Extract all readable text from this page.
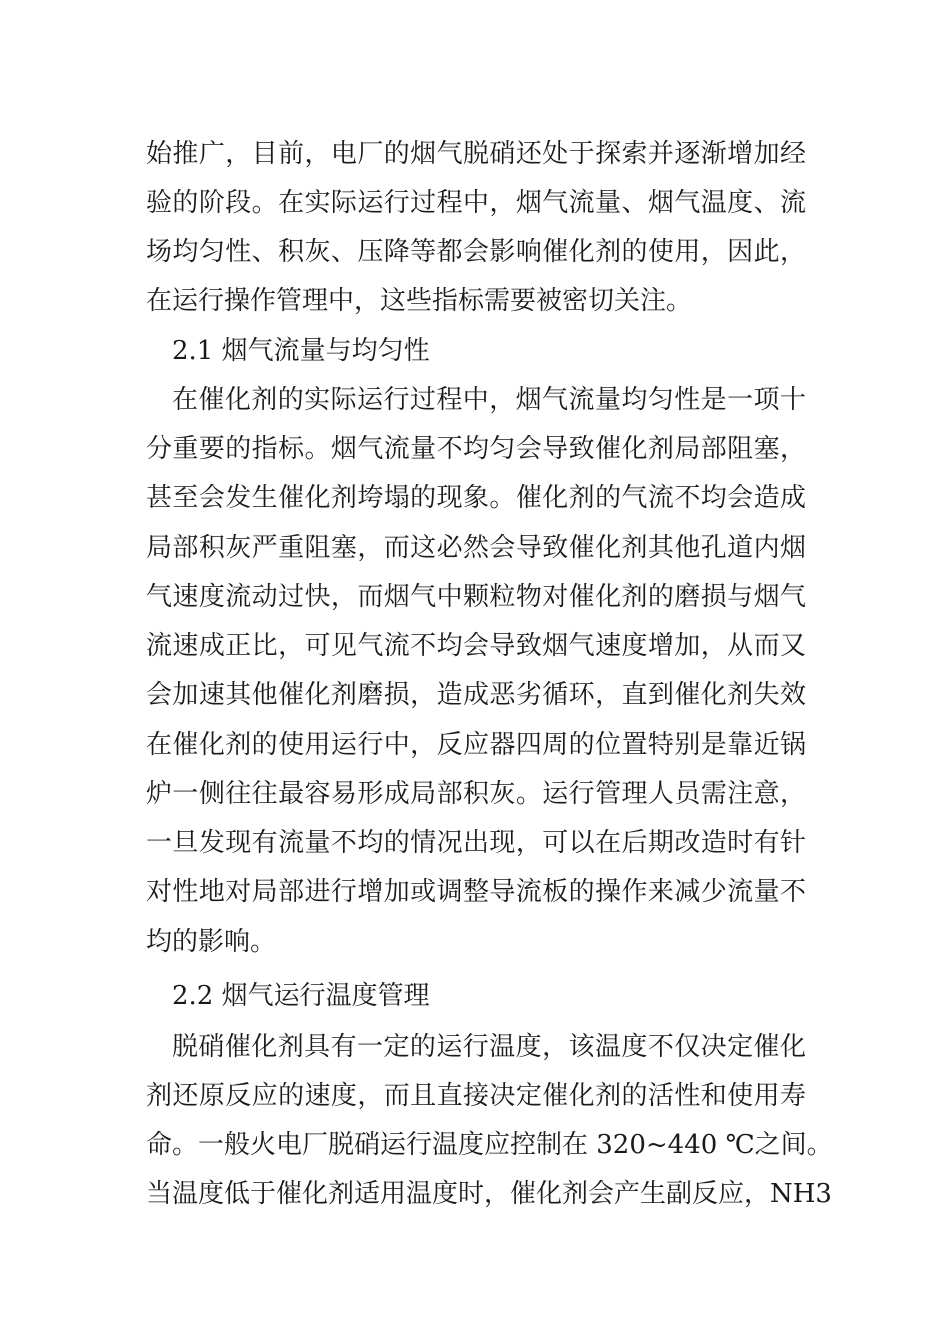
始推广，目前，电厂的烟气脱硝还处于探索并逐渐增加经
验的阶段。在实际运行过程中，烟气流量、烟气温度、流
场均匀性、积灰、压降等都会影响催化剂的使用，因此，
在运行操作管理中，这些指标需要被密切关注。
2.1 烟气流量与均匀性
在催化剂的实际运行过程中，烟气流量均匀性是一项十
分重要的指标。烟气流量不均匀会导致催化剂局部阻塞，
甚至会发生催化剂垮塌的现象。催化剂的气流不均会造成
局部积灰严重阻塞，而这必然会导致催化剂其他孔道内烟
气速度流动过快，而烟气中颗粒物对催化剂的磨损与烟气
流速成正比，可见气流不均会导致烟气速度增加，从而又
会加速其他催化剂磨损，造成恶劣循环，直到催化剂失效
在催化剂的使用运行中，反应器四周的位置特别是靠近锅
炉一侧往往最容易形成局部积灰。运行管理人员需注意，
一旦发现有流量不均的情况出现，可以在后期改造时有针
对性地对局部进行增加或调整导流板的操作来减少流量不
均的影响。
2.2 烟气运行温度管理
脱硝催化剂具有一定的运行温度，该温度不仅决定催化
剂还原反应的速度，而且直接决定催化剂的活性和使用寿
命。一般火电厂脱硝运行温度应控制在 320~440 ℃之间。
当温度低于催化剂适用温度时，催化剂会产生副反应，NH3
